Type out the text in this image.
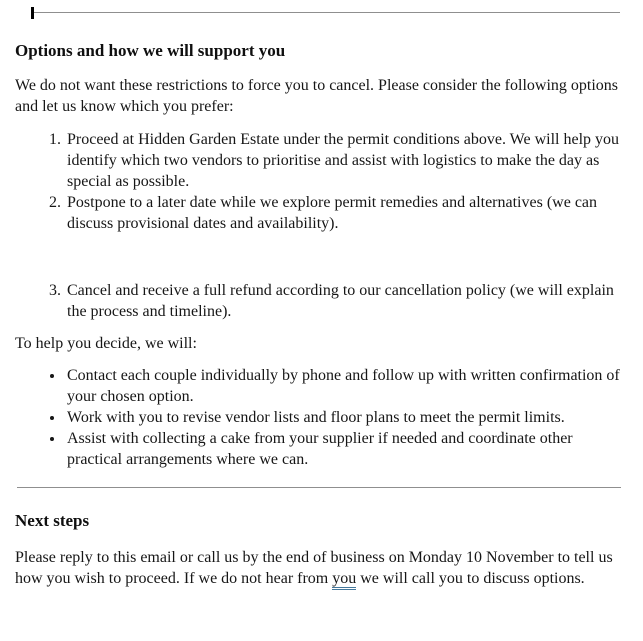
Options and how we will support you

We do not want these restrictions to force you to cancel. Please consider the following options and let us know which you prefer:

1. Proceed at Hidden Garden Estate under the permit conditions above. We will help you identify which two vendors to prioritise and assist with logistics to make the day as special as possible.
2. Postpone to a later date while we explore permit remedies and alternatives (we can discuss provisional dates and availability).
3. Cancel and receive a full refund according to our cancellation policy (we will explain the process and timeline).

To help you decide, we will:

• Contact each couple individually by phone and follow up with written confirmation of your chosen option.
• Work with you to revise vendor lists and floor plans to meet the permit limits.
• Assist with collecting a cake from your supplier if needed and coordinate other practical arrangements where we can.
Next steps

Please reply to this email or call us by the end of business on Monday 10 November to tell us how you wish to proceed. If we do not hear from you we will call you to discuss options.
